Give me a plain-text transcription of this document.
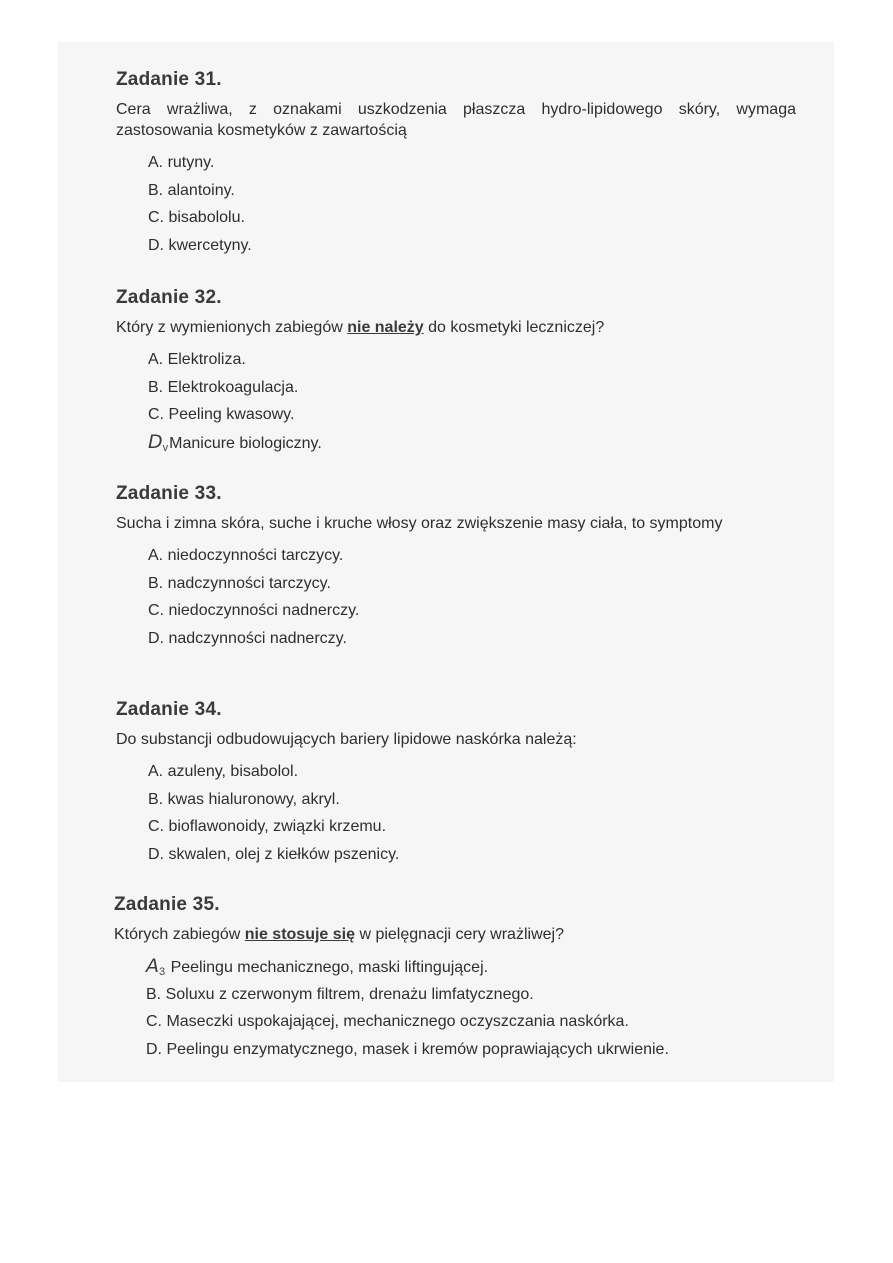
Zadanie 31.

Cera wrażliwa, z oznakami uszkodzenia płaszcza hydro-lipidowego skóry, wymaga zastosowania kosmetyków z zawartością

A. rutyny.
B. alantoiny.
C. bisabololu.
D. kwercetyny.
Zadanie 32.

Który z wymienionych zabiegów nie należy do kosmetyki leczniczej?

A. Elektroliza.
B. Elektrokoagulacja.
C. Peeling kwasowy.
DvManicure biologiczny.
Zadanie 33.

Sucha i zimna skóra, suche i kruche włosy oraz zwiększenie masy ciała, to symptomy

A. niedoczynności tarczycy.
B. nadczynności tarczycy.
C. niedoczynności nadnerczy.
D. nadczynności nadnerczy.
Zadanie 34.

Do substancji odbudowujących bariery lipidowe naskórka należą:

A. azuleny, bisabolol.
B. kwas hialuronowy, akryl.
C. bioflawonoidy, związki krzemu.
D. skwalen, olej z kiełków pszenicy.
Zadanie 35.

Których zabiegów nie stosuje się w pielęgnacji cery wrażliwej?

A3 Peelingu mechanicznego, maski liftingującej.
B. Soluxu z czerwonym filtrem, drenażu limfatycznego.
C. Maseczki uspokajającej, mechanicznego oczyszczania naskórka.
D. Peelingu enzymatycznego, masek i kremów poprawiających ukrwienie.
